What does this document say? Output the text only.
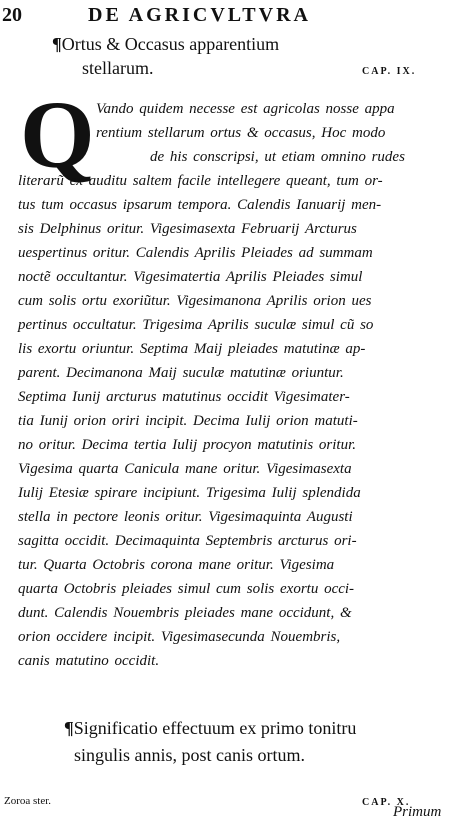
20	DE AGRICVLTVRA
¶Ortus & Occasus apparentium
stellarum.	CAP. IX.
Q Vando quidem necesse est agricolas nosse appa
rentium stellarum ortus & occasus, Hoc modo
de his conscripsi, ut etiam omnino rudes
literarũ ex auditu saltem facile intellegere queant, tum or-
tus tum occasus ipsarum tempora. Calendis Ianuarij men-
sis Delphinus oritur. Vigesimasexta Februarij Arcturus
uespertinus oritur. Calendis Aprilis Pleiades ad summam
noctẽ occultantur. Vigesimatertia Aprilis Pleiades simul
cum solis ortu exoriũtur. Vigesimanona Aprilis orion ues
pertinus occultatur. Trigesima Aprilis suculæ simul cũ so
lis exortu oriuntur. Septima Maij pleiades matutinæ ap-
parent. Decimanona Maij suculæ matutinæ oriuntur.
Septima Iunij arcturus matutinus occidit Vigesimater-
tia Iunij orion oriri incipit. Decima Iulij orion matuti-
no oritur. Decima tertia Iulij procyon matutinis oritur.
Vigesima quarta Canicula mane oritur. Vigesimasexta
Iulij Etesiæ spirare incipiunt. Trigesima Iulij splendida
stella in pectore leonis oritur. Vigesimaquinta Augusti
sagitta occidit. Decimaquinta Septembris arcturus ori-
tur. Quarta Octobris corona mane oritur. Vigesima
quarta Octobris pleiades simul cum solis exortu occi-
dunt. Calendis Nouembris pleiades mane occidunt, &
orion occidere incipit. Vigesimasecunda Nouembris,
canis matutino occidit.
¶Significatio effectuum ex primo tonitru
singulis annis, post canis ortum.
Zoroa ster.	CAP. X.
Primum
